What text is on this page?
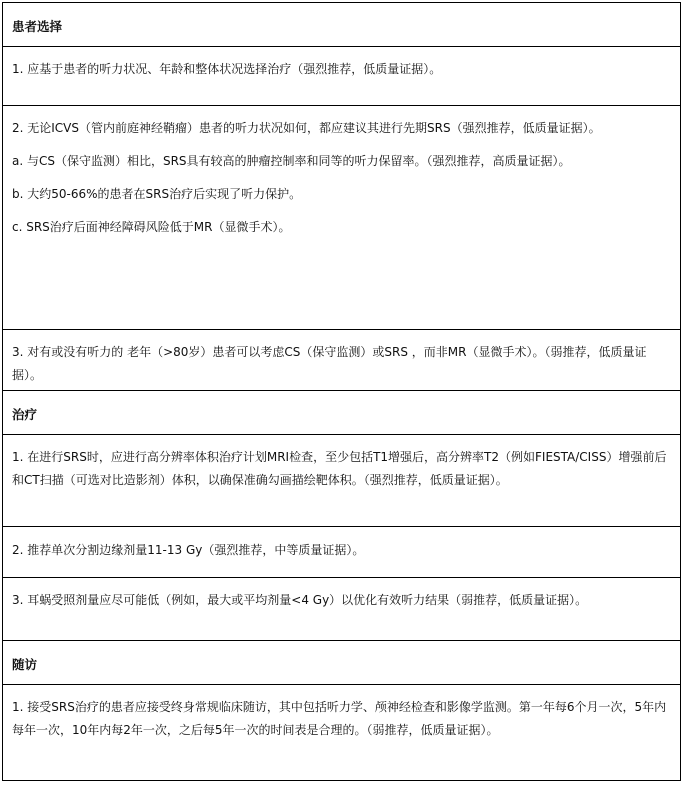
患者选择

1. 应基于患者的听力状况、年龄和整体状况选择治疗（强烈推荐，低质量证据）。

2. 无论ICVS（管内前庭神经鞘瘤）患者的听力状况如何，都应建议其进行先期SRS（强烈推荐，低质量证据）。

a. 与CS（保守监测）相比，SRS具有较高的肿瘤控制率和同等的听力保留率。（强烈推荐，高质量证据）。

b. 大约50-66%的患者在SRS治疗后实现了听力保护。

c. SRS治疗后面神经障碍风险低于MR（显微手术）。

3. 对有或没有听力的 老年（>80岁）患者可以考虑CS（保守监测）或SRS ，而非MR（显微手术）。（弱推荐，低质量证据）。

治疗

1. 在进行SRS时，应进行高分辨率体积治疗计划MRI检查，至少包括T1增强后，高分辨率T2（例如FIESTA/CISS）增强前后和CT扫描（可选对比造影剂）体积，以确保准确勾画描绘靶体积。（强烈推荐，低质量证据）。

2. 推荐单次分割边缘剂量11-13 Gy（强烈推荐，中等质量证据）。

3. 耳蜗受照剂量应尽可能低（例如，最大或平均剂量<4 Gy）以优化有效听力结果（弱推荐，低质量证据）。

随访

1. 接受SRS治疗的患者应接受终身常规临床随访，其中包括听力学、颅神经检查和影像学监测。第一年每6个月一次，5年内每年一次，10年内每2年一次，之后每5年一次的时间表是合理的。（弱推荐，低质量证据）。
